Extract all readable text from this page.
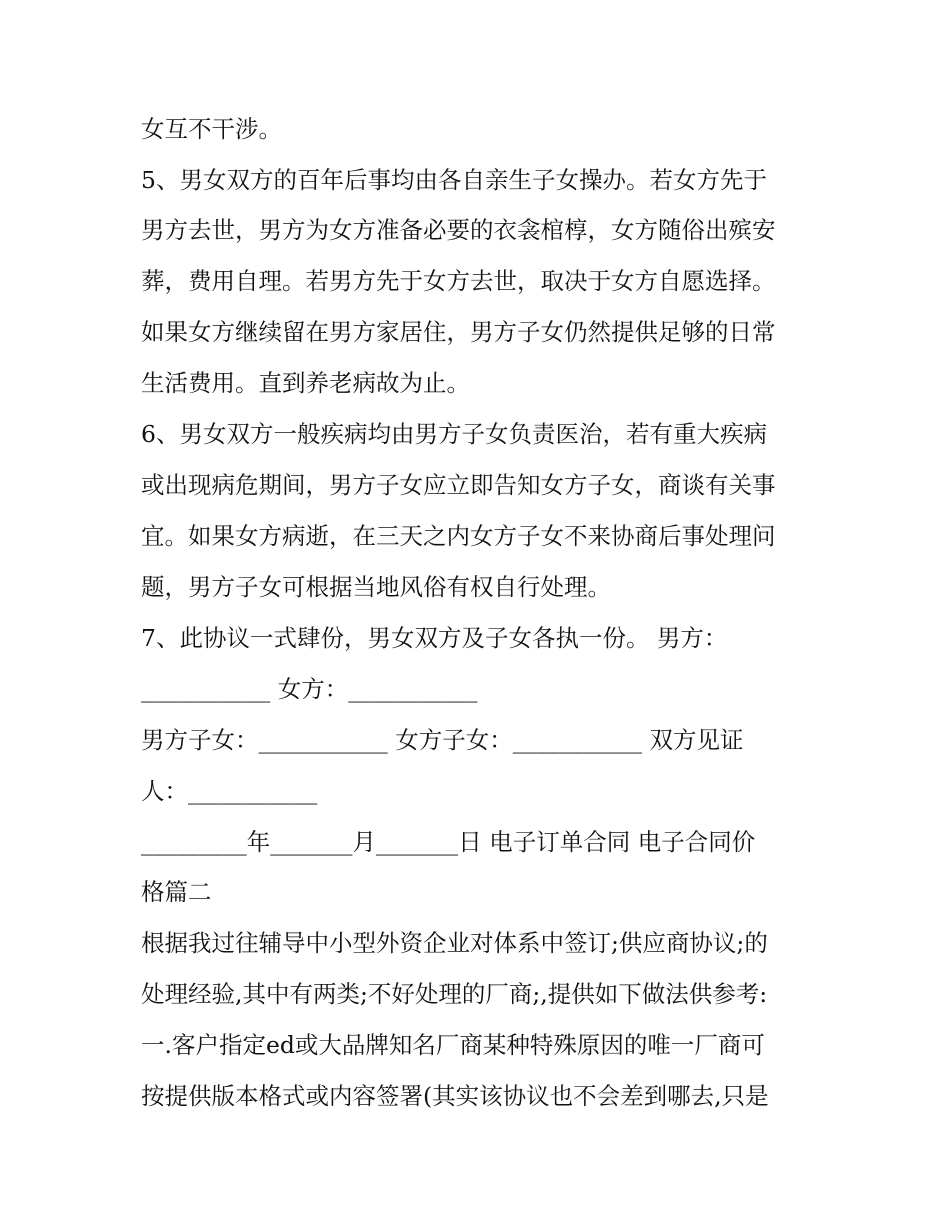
女互不干涉。
5、男女双方的百年后事均由各自亲生子女操办。若女方先于
男方去世，男方为女方准备必要的衣衾棺椁，女方随俗出殡安
葬，费用自理。若男方先于女方去世，取决于女方自愿选择。
如果女方继续留在男方家居住，男方子女仍然提供足够的日常
生活费用。直到养老病故为止。
6、男女双方一般疾病均由男方子女负责医治，若有重大疾病
或出现病危期间，男方子女应立即告知女方子女，商谈有关事
宜。如果女方病逝，在三天之内女方子女不来协商后事处理问
题，男方子女可根据当地风俗有权自行处理。
7、此协议一式肆份，男女双方及子女各执一份。 男方：
___________ 女方：___________
男方子女：___________ 女方子女：___________ 双方见证
人：___________
_________年_______月_______日 电子订单合同 电子合同价
格篇二
根据我过往辅导中小型外资企业对体系中签订;供应商协议;的
处理经验,其中有两类;不好处理的厂商;,提供如下做法供参考:
一.客户指定ed或大品牌知名厂商某种特殊原因的唯一厂商可
按提供版本格式或内容签署(其实该协议也不会差到哪去,只是
